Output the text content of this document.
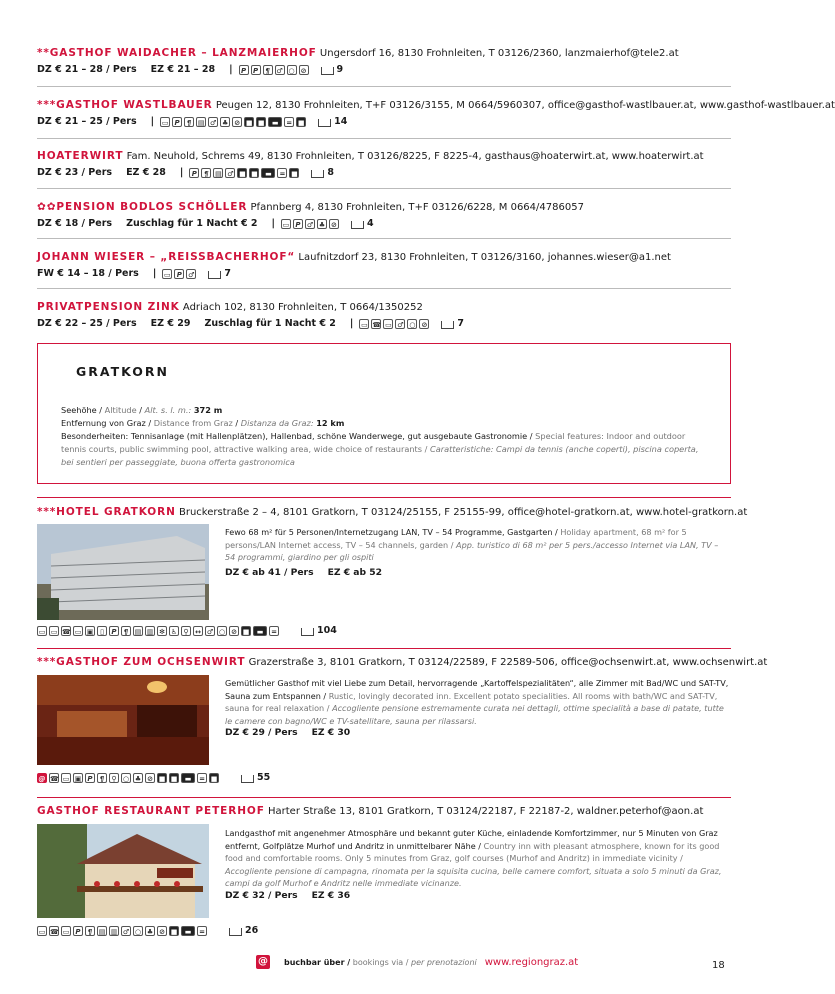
**GASTHOF WAIDACHER – LANZMAIERHOF Ungersdorf 16, 8130 Frohnleiten, T 03126/2360, lanzmaierhof@tele2.at
DZ € 21 – 28 / Pers EZ € 21 – 28 |	P P	¶ ♂ ○ ⊘	9
***GASTHOF WASTLBAUER Peugen 12, 8130 Frohnleiten, T+F 03126/3155, M 0664/5960307, office@gasthof-wastlbauer.at, www.gasthof-wastlbauer.at
DZ € 21 – 25 / Pers | ▭ P	¶ ▤ ♂ ♣ ⊘ ■ ■	▬	= ■	14
HOATERWIRT Fam. Neuhold, Schrems 49, 8130 Frohnleiten, T 03126/8225, F 8225-4, gasthaus@hoaterwirt.at, www.hoaterwirt.at
DZ € 23 / Pers EZ € 28 |	P	¶ ▤ ♂ ■ ■	▬	= ■	8
✿✿PENSION BODLOS SCHÖLLER Pfannberg 4, 8130 Frohnleiten, T+F 03126/6228, M 0664/4786057
DZ € 18 / Pers Zuschlag für 1 Nacht € 2 | ▭ P ♂ ♣ ⊘	4
JOHANN WIESER – „REISSBACHERHOF“ Laufnitzdorf 23, 8130 Frohnleiten, T 03126/3160, johannes.wieser@a1.net
FW € 14 – 18 / Pers | ▭ P ♂	7
PRIVATPENSION ZINK Adriach 102, 8130 Frohnleiten, T 0664/1350252
DZ € 22 – 25 / Pers EZ € 29 Zuschlag für 1 Nacht € 2 | ▭ ☎ ▭ ♂ ○ ⊘	7
GRATKORN
Seehöhe / Altitude / Alt. s. l. m.: 372 m
Entfernung von Graz / Distance from Graz / Distanza da Graz: 12 km
Besonderheiten: Tennisanlage (mit Hallenplätzen), Hallenbad, schöne Wanderwege, gut ausgebaute Gastronomie / Special features: Indoor and outdoor tennis courts, public swimming pool, attractive walking area, wide choice of restaurants / Caratteristiche: Campi da tennis (anche coperti), piscina coperta, bei sentieri per passeggiate, buona offerta gastronomica
***HOTEL GRATKORN Bruckerstraße 2 – 4, 8101 Gratkorn, T 03124/25155, F 25155-99, office@hotel-gratkorn.at, www.hotel-gratkorn.at
Fewo 68 m² für 5 Personen/Internetzugang LAN, TV – 54 Programme, Gastgarten / Holiday apartment, 68 m² for 5 persons/LAN Internet access, TV – 54 channels, garden / App. turistico di 68 m² per 5 pers./accesso Internet via LAN, TV – 54 programmi, giardino per gli ospiti
DZ € ab 41 / Pers EZ € ab 52
▭ ▭ ☎ ▭ ▣ ▯	P	¶ ▤ ▥ ✻ ♿ ⚲ ↔ ♂ ○ ⊘ ■	▬	=	104
***GASTHOF ZUM OCHSENWIRT Grazerstraße 3, 8101 Gratkorn, T 03124/22589, F 22589-506, office@ochsenwirt.at, www.ochsenwirt.at
Gemütlicher Gasthof mit viel Liebe zum Detail, hervorragende „Kartoffelspezialitäten“, alle Zimmer mit Bad/WC und SAT-TV, Sauna zum Entspannen / Rustic, lovingly decorated inn. Excellent potato specialities. All rooms with bath/WC and SAT-TV, sauna for real relaxation / Accogliente pensione estremamente curata nei dettagli, ottime specialità a base di patate, tutte le camere con bagno/WC e TV-satellitare, sauna per rilassarsi.
DZ € 29 / Pers EZ € 30
@ ☎ ▭ ▣ P	¶	⚲ ○ ♣ ⊘ ■ ■	▬	= ■	55
GASTHOF RESTAURANT PETERHOF Harter Straße 13, 8101 Gratkorn, T 03124/22187, F 22187-2, waldner.peterhof@aon.at
Landgasthof mit angenehmer Atmosphäre und bekannt guter Küche, einladende Komfortzimmer, nur 5 Minuten von Graz entfernt, Golfplätze Murhof und Andritz in unmittelbarer Nähe / Country inn with pleasant atmosphere, known for its good food and comfortable rooms. Only 5 minutes from Graz, golf courses (Murhof and Andritz) in immediate vicinity / Accogliente pensione di campagna, rinomata per la squisita cucina, belle camere comfort, situata a solo 5 minuti da Graz, campi da golf Murhof e Andritz nelle immediate vicinanze.
DZ € 32 / Pers EZ € 36
▭ ☎ ▭ P	¶ ▤ ▥ ♂ ○ ♣ ⊘ ■	▬	=	26
@ buchbar über /
bookings via /
per prenotazioni www.regiongraz.at	18
